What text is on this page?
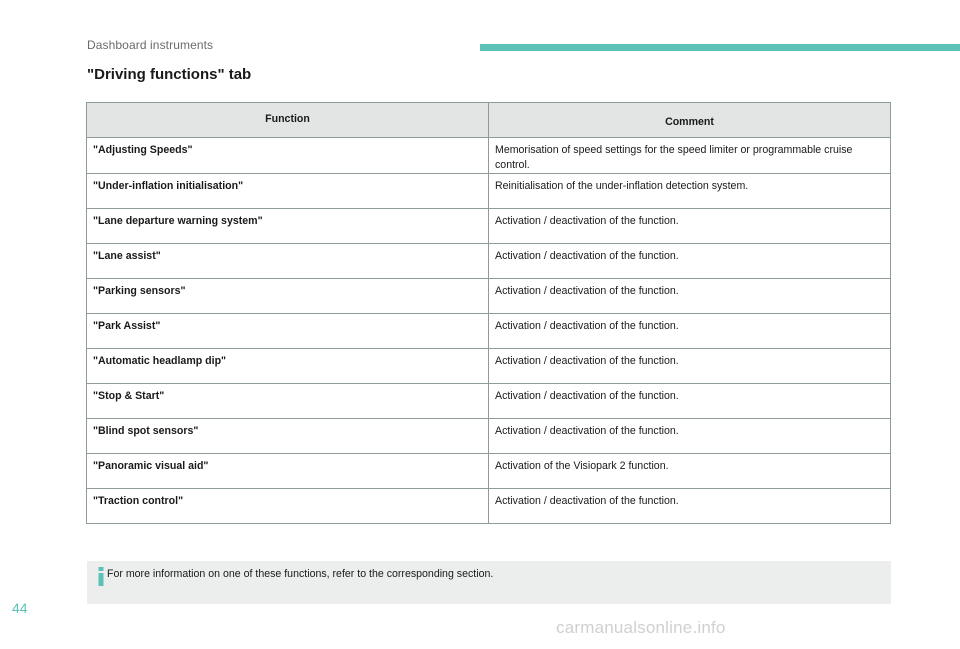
Dashboard instruments
"Driving functions" tab
Function	Comment
"Adjusting Speeds"	Memorisation of speed settings for the speed limiter or programmable cruise control.
"Under-inflation initialisation"	Reinitialisation of the under-inflation detection system.
"Lane departure warning system"	Activation / deactivation of the function.
"Lane assist"	Activation / deactivation of the function.
"Parking sensors"	Activation / deactivation of the function.
"Park Assist"	Activation / deactivation of the function.
"Automatic headlamp dip"	Activation / deactivation of the function.
"Stop & Start"	Activation / deactivation of the function.
"Blind spot sensors"	Activation / deactivation of the function.
"Panoramic visual aid"	Activation of the Visiopark 2 function.
"Traction control"	Activation / deactivation of the function.
For more information on one of these functions, refer to the corresponding section.
44
carmanualsonline.info
